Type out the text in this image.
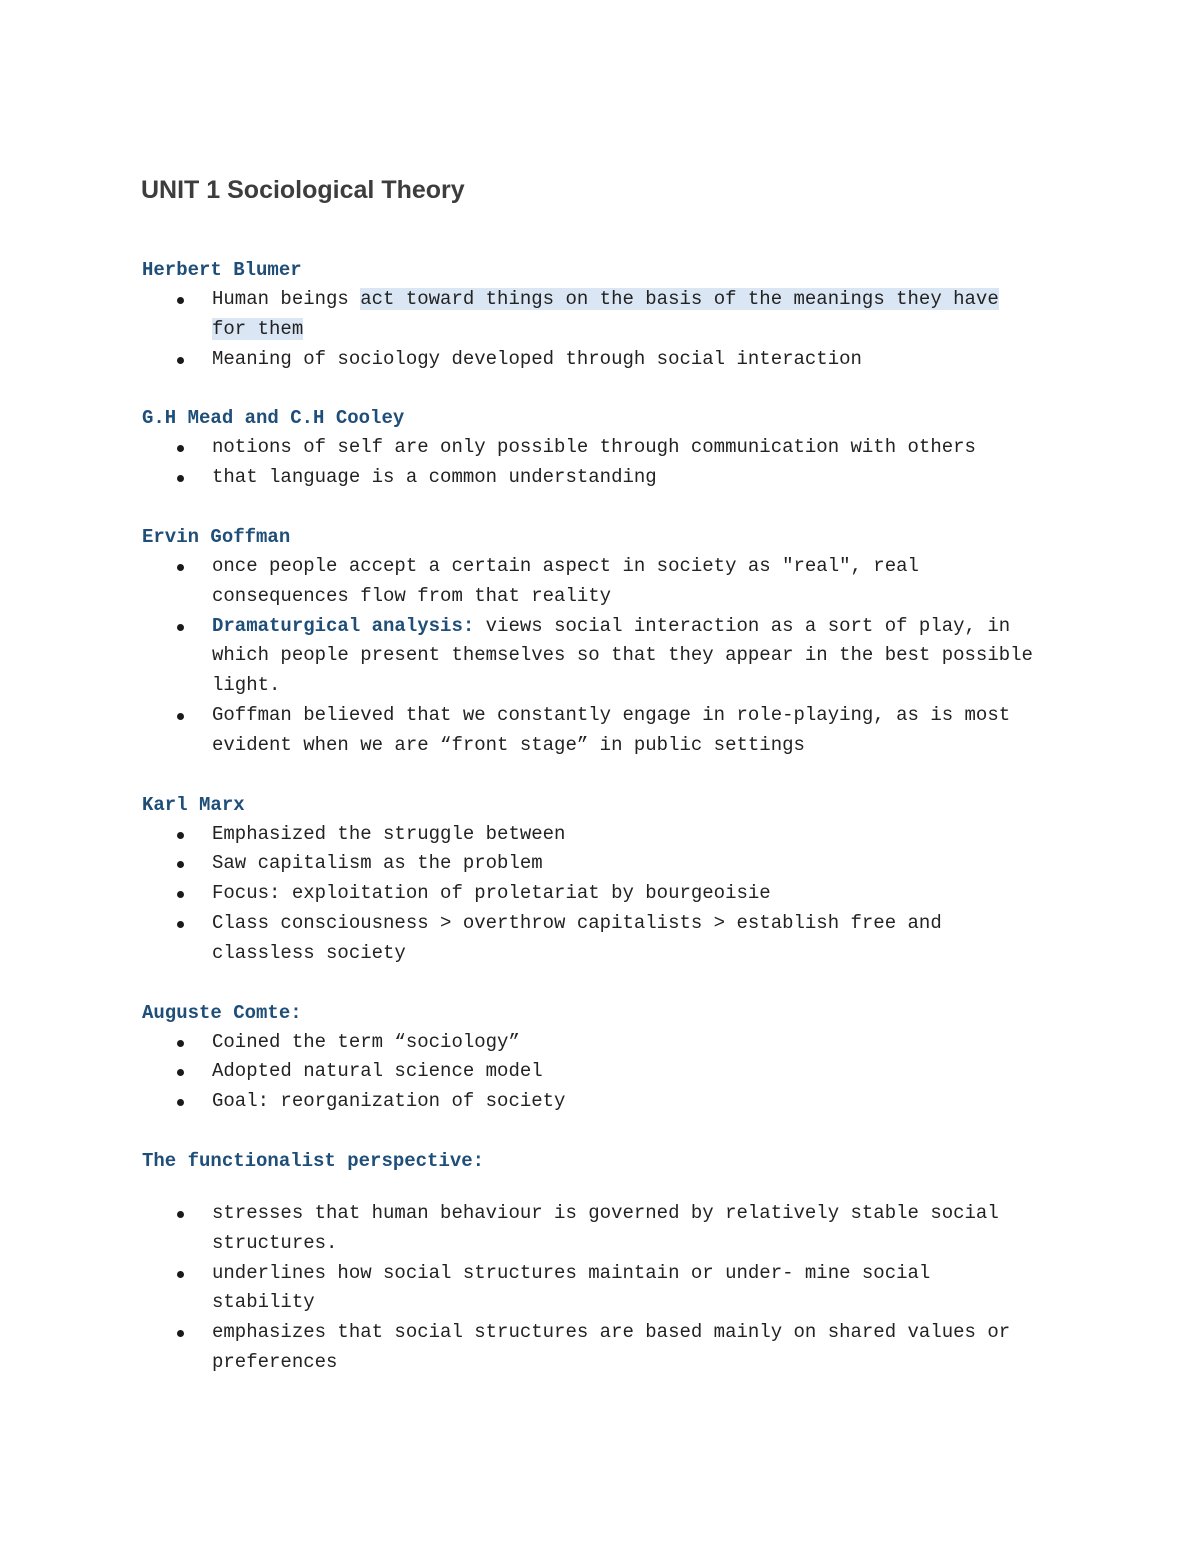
UNIT 1 Sociological Theory
Herbert Blumer
Human beings act toward things on the basis of the meanings they have
for them
Meaning of sociology developed through social interaction
G.H Mead and C.H Cooley
notions of self are only possible through communication with others
that language is a common understanding
Ervin Goffman
once people accept a certain aspect in society as "real", real
consequences flow from that reality
Dramaturgical analysis: views social interaction as a sort of play, in
which people present themselves so that they appear in the best possible
light.
Goffman believed that we constantly engage in role-playing, as is most
evident when we are “front stage” in public settings
Karl Marx
Emphasized the struggle between
Saw capitalism as the problem
Focus: exploitation of proletariat by bourgeoisie
Class consciousness > overthrow capitalists > establish free and
classless society
Auguste Comte:
Coined the term “sociology”
Adopted natural science model
Goal: reorganization of society
The functionalist perspective:
stresses that human behaviour is governed by relatively stable social
structures.
underlines how social structures maintain or under- mine social
stability
emphasizes that social structures are based mainly on shared values or
preferences
